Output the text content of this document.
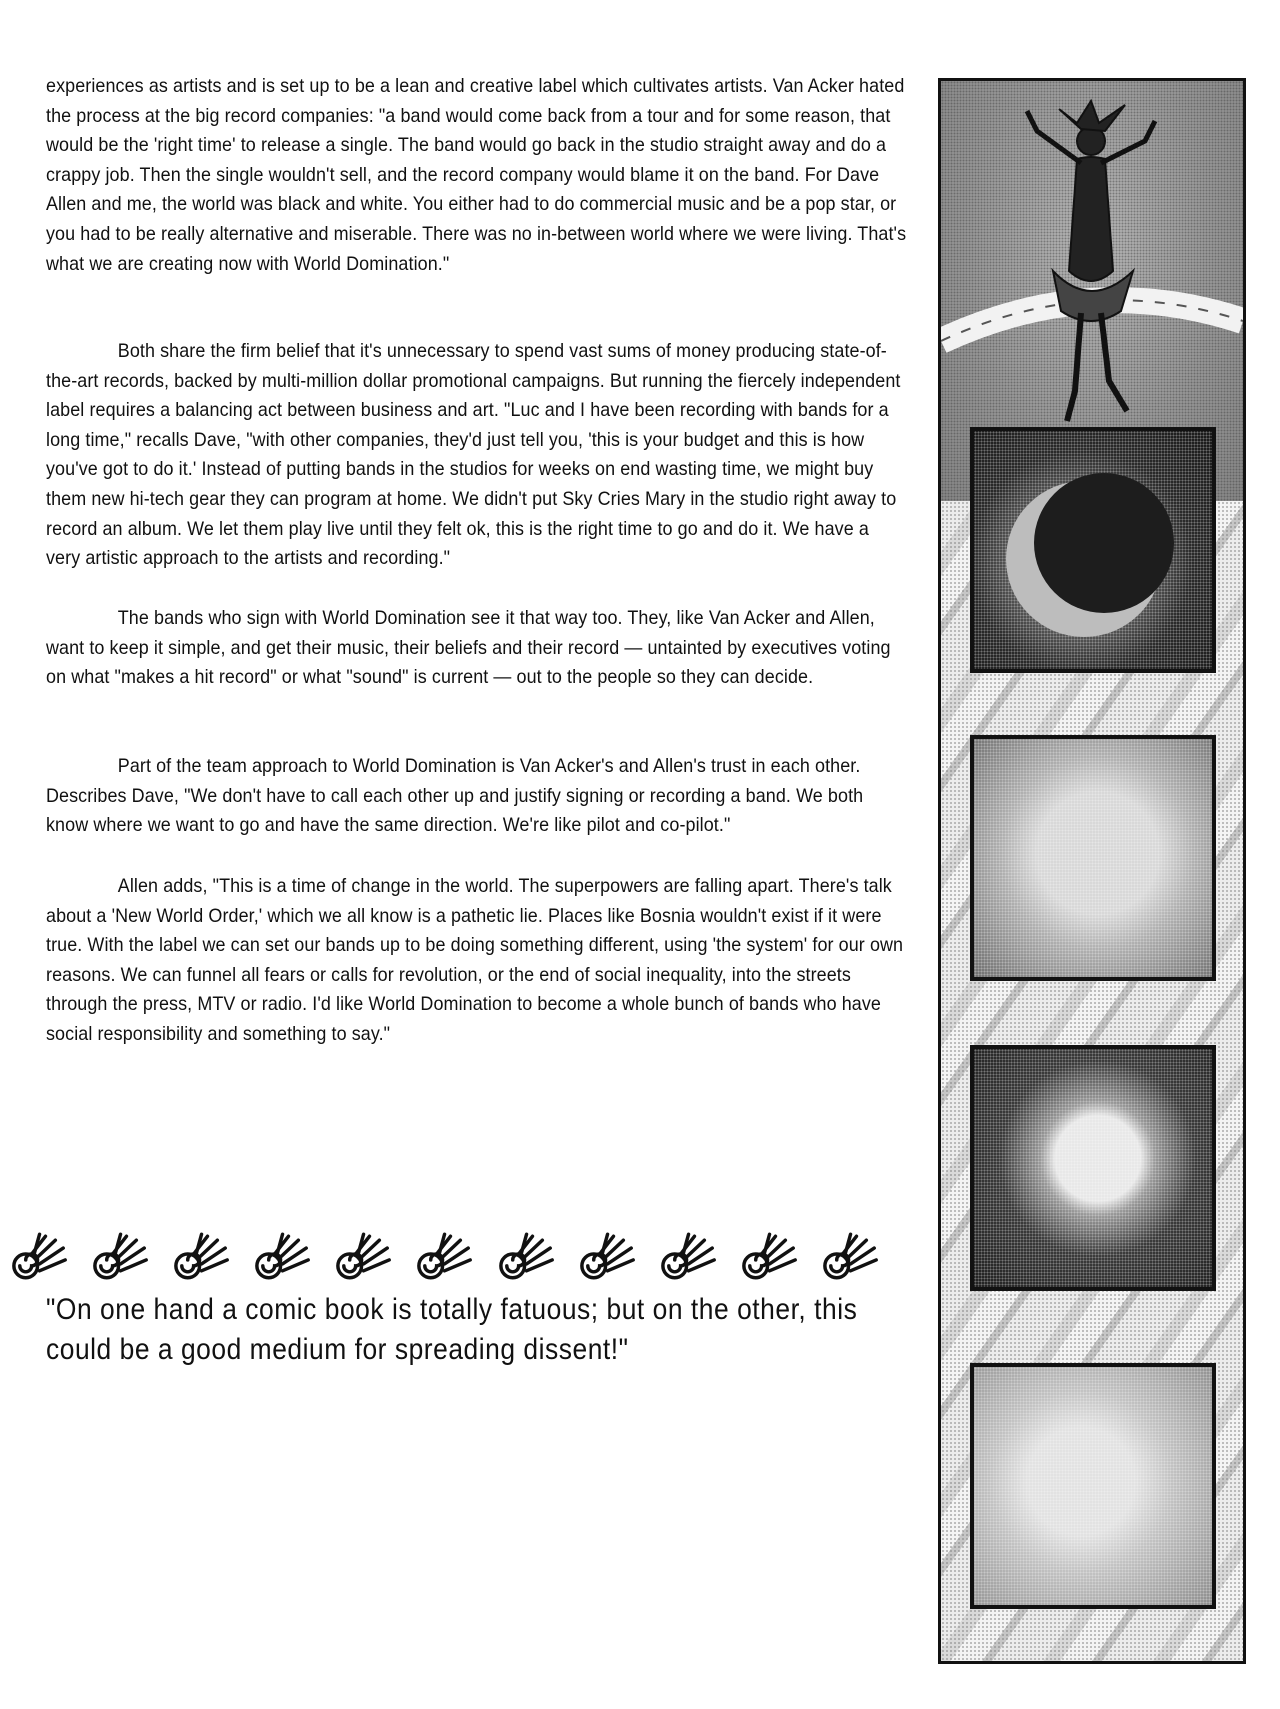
experiences as artists and is set up to be a lean and creative label which cultivates artists. Van Acker hated the process at the big record companies: "a band would come back from a tour and for some reason, that would be the 'right time' to release a single. The band would go back in the studio straight away and do a crappy job. Then the single wouldn't sell, and the record company would blame it on the band. For Dave Allen and me, the world was black and white. You either had to do commercial music and be a pop star, or you had to be really alternative and miserable. There was no in-between world where we were living. That's what we are creating now with World Domination."

Both share the firm belief that it's unnecessary to spend vast sums of money producing state-of-the-art records, backed by multi-million dollar promotional campaigns. But running the fiercely independent label requires a balancing act between business and art. "Luc and I have been recording with bands for a long time," recalls Dave, "with other companies, they'd just tell you, 'this is your budget and this is how you've got to do it.' Instead of putting bands in the studios for weeks on end wasting time, we might buy them new hi-tech gear they can program at home. We didn't put Sky Cries Mary in the studio right away to record an album. We let them play live until they felt ok, this is the right time to go and do it. We have a very artistic approach to the artists and recording."

The bands who sign with World Domination see it that way too. They, like Van Acker and Allen, want to keep it simple, and get their music, their beliefs and their record — untainted by executives voting on what "makes a hit record" or what "sound" is current — out to the people so they can decide.

Part of the team approach to World Domination is Van Acker's and Allen's trust in each other. Describes Dave, "We don't have to call each other up and justify signing or recording a band. We both know where we want to go and have the same direction. We're like pilot and co-pilot."

Allen adds, "This is a time of change in the world. The superpowers are falling apart. There's talk about a 'New World Order,' which we all know is a pathetic lie. Places like Bosnia wouldn't exist if it were true. With the label we can set our bands up to be doing something different, using 'the system' for our own reasons. We can funnel all fears or calls for revolution, or the end of social inequality, into the streets through the press, MTV or radio. I'd like World Domination to become a whole bunch of bands who have social responsibility and something to say."

"On one hand a comic book is totally fatuous; but on the other, this could be a good medium for spreading dissent!"
